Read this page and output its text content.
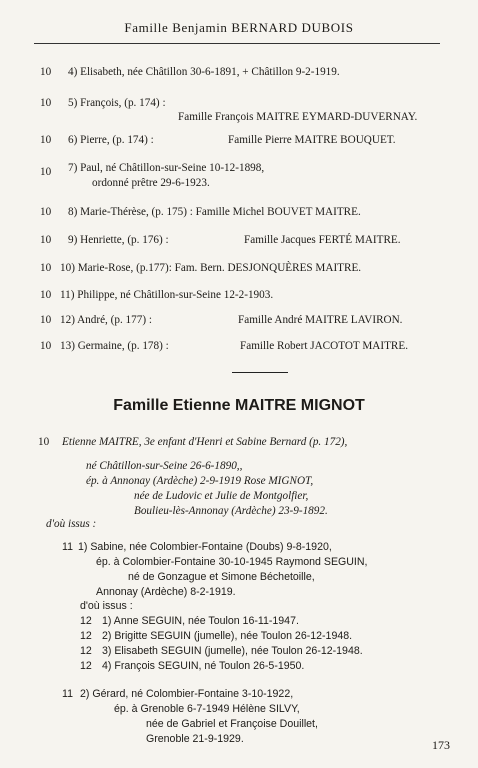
Famille Benjamin BERNARD DUBOIS
10	4) Elisabeth, née Châtillon 30-6-1891, + Châtillon 9-2-1919.
10	5) François, (p. 174) :
Famille François MAITRE EYMARD-DUVERNAY.
10	6) Pierre, (p. 174) :	Famille Pierre MAITRE BOUQUET.
10	7) Paul, né Châtillon-sur-Seine 10-12-1898,
ordonné prêtre 29-6-1923.
10	8) Marie-Thérèse, (p. 175) : Famille Michel BOUVET MAITRE.
10	9) Henriette, (p. 176) :	Famille Jacques FERTÉ MAITRE.
10 10) Marie-Rose, (p.177): Fam. Bern. DESJONQUÈRES MAITRE.
10 11) Philippe, né Châtillon-sur-Seine 12-2-1903.
10 12) André, (p. 177) :	Famille André MAITRE LAVIRON.
10 13) Germaine, (p. 178) :	Famille Robert JACOTOT MAITRE.
Famille Etienne MAITRE MIGNOT
10	Etienne MAITRE, 3e enfant d'Henri et Sabine Bernard (p. 172),
né Châtillon-sur-Seine 26-6-1890,,
ép. à Annonay (Ardèche) 2-9-1919 Rose MIGNOT,
née de Ludovic et Julie de Montgolfier,
Boulieu-lès-Annonay (Ardèche) 23-9-1892.
d'où issus :
11 1) Sabine, née Colombier-Fontaine (Doubs) 9-8-1920,
ép. à Colombier-Fontaine 30-10-1945 Raymond SEGUIN,
né de Gonzague et Simone Béchetoille,
Annonay (Ardèche) 8-2-1919.
d'où issus :
12 1) Anne SEGUIN, née Toulon 16-11-1947.
12 2) Brigitte SEGUIN (jumelle), née Toulon 26-12-1948.
12 3) Elisabeth SEGUIN (jumelle), née Toulon 26-12-1948.
12 4) François SEGUIN, né Toulon 26-5-1950.
11 2) Gérard, né Colombier-Fontaine 3-10-1922,
ép. à Grenoble 6-7-1949 Hélène SILVY,
née de Gabriel et Françoise Douillet,
Grenoble 21-9-1929.	173
